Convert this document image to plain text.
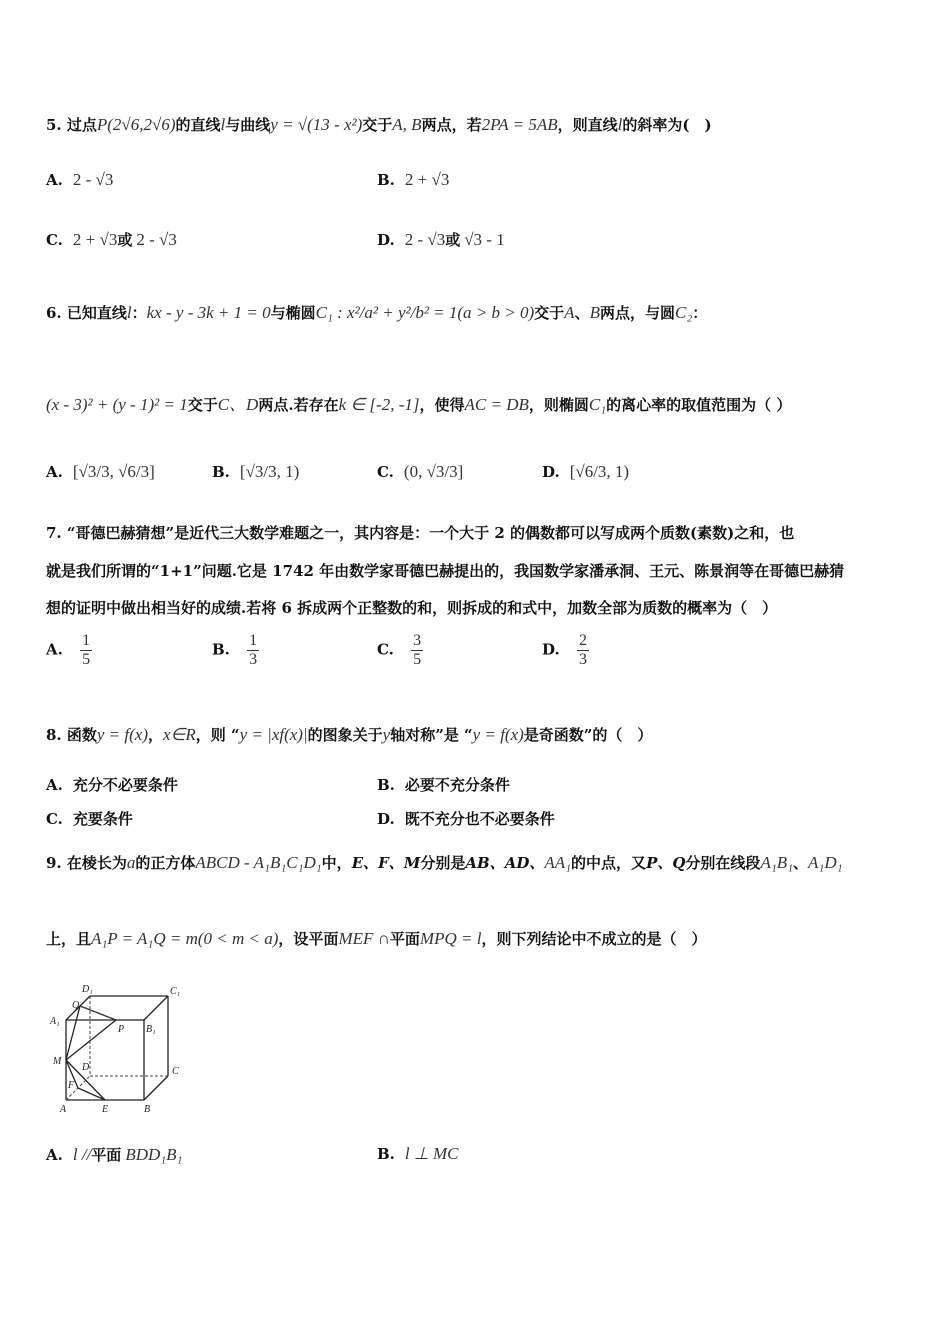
5. 过点P(2√6,2√6)的直线l与曲线y = √(13 - x²)交于A, B两点，若2PA = 5AB，则直线l的斜率为(　)
A. 2 - √3	B. 2 + √3
C. 2 + √3或 2 - √3	D. 2 - √3或 √3 - 1
6. 已知直线l：kx - y - 3k + 1 = 0与椭圆C₁ : x²/a² + y²/b² = 1(a > b > 0)交于A、B两点，与圆C₂：
(x - 3)² + (y - 1)² = 1交于C、D两点.若存在k ∈ [-2, -1]，使得AC = DB，则椭圆C₁的离心率的取值范围为（ ）
A. [√3/3, √6/3]	B. [√3/3, 1)	C. (0, √3/3]	D. [√6/3, 1)
7. “哥德巴赫猜想”是近代三大数学难题之一，其内容是：一个大于 2 的偶数都可以写成两个质数(素数)之和，也
就是我们所谓的“1+1”问题.它是 1742 年由数学家哥德巴赫提出的，我国数学家潘承洞、王元、陈景润等在哥德巴赫猜
想的证明中做出相当好的成绩.若将 6 拆成两个正整数的和，则拆成的和式中，加数全部为质数的概率为（　）
A. $\frac{1}{5}$	B. $\frac{1}{3}$	C. $\frac{3}{5}$	D. $\frac{2}{3}$
8. 函数y = f(x)，x∈R，则 “y = |xf(x)|的图象关于y轴对称”是 “y = f(x)是奇函数”的（　）
A. 充分不必要条件	B. 必要不充分条件
C. 充要条件	D. 既不充分也不必要条件
9. 在棱长为a的正方体ABCD - A₁B₁C₁D₁中，E、F、M分别是AB、AD、AA₁的中点，又P、Q分别在线段A₁B₁、A₁D₁
上，且A₁P = A₁Q = m(0 < m < a)，设平面MEF ∩平面MPQ = l，则下列结论中不成立的是（　）
D₁	C₁
Q
A₁
P B₁
M
D	C
F
A	E	B
A. l //平面 BDD₁B₁	B. l ⊥ MC
